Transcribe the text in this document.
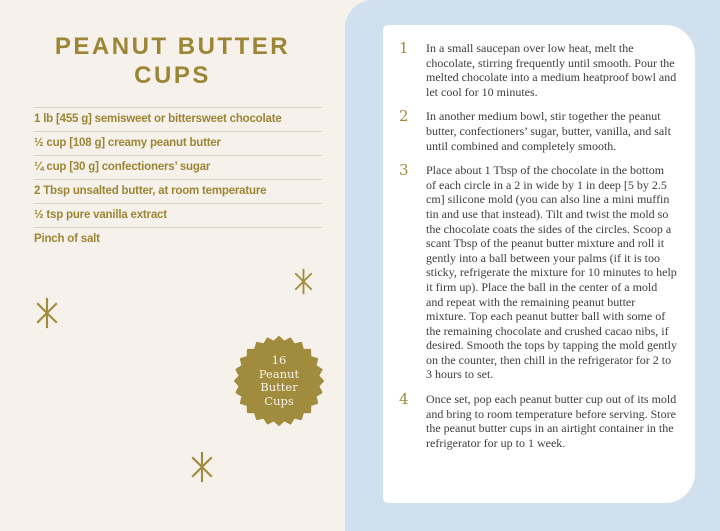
PEANUT BUTTER CUPS
1 lb [455 g] semisweet or bittersweet chocolate
½ cup [108 g] creamy peanut butter
¼ cup [30 g] confectioners’ sugar
2 Tbsp unsalted butter, at room temperature
½ tsp pure vanilla extract
Pinch of salt
16
Peanut
Butter
Cups
1	In a small saucepan over low heat, melt the chocolate, stirring frequently until smooth. Pour the melted chocolate into a medium heatproof bowl and let cool for 10 minutes.
2	In another medium bowl, stir together the peanut butter, confectioners’ sugar, butter, vanilla, and salt until combined and completely smooth.
3	Place about 1 Tbsp of the chocolate in the bottom of each circle in a 2 in wide by 1 in deep [5 by 2.5 cm] silicone mold (you can also line a mini muffin tin and use that instead). Tilt and twist the mold so the chocolate coats the sides of the circles. Scoop a scant Tbsp of the peanut butter mixture and roll it gently into a ball between your palms (if it is too sticky, refrigerate the mixture for 10 minutes to help it firm up). Place the ball in the center of a mold and repeat with the remaining peanut butter mixture. Top each peanut butter ball with some of the remaining chocolate and crushed cacao nibs, if desired. Smooth the tops by tapping the mold gently on the counter, then chill in the refrigerator for 2 to 3 hours to set.
4	Once set, pop each peanut butter cup out of its mold and bring to room temperature before serving. Store the peanut butter cups in an airtight container in the refrigerator for up to 1 week.
